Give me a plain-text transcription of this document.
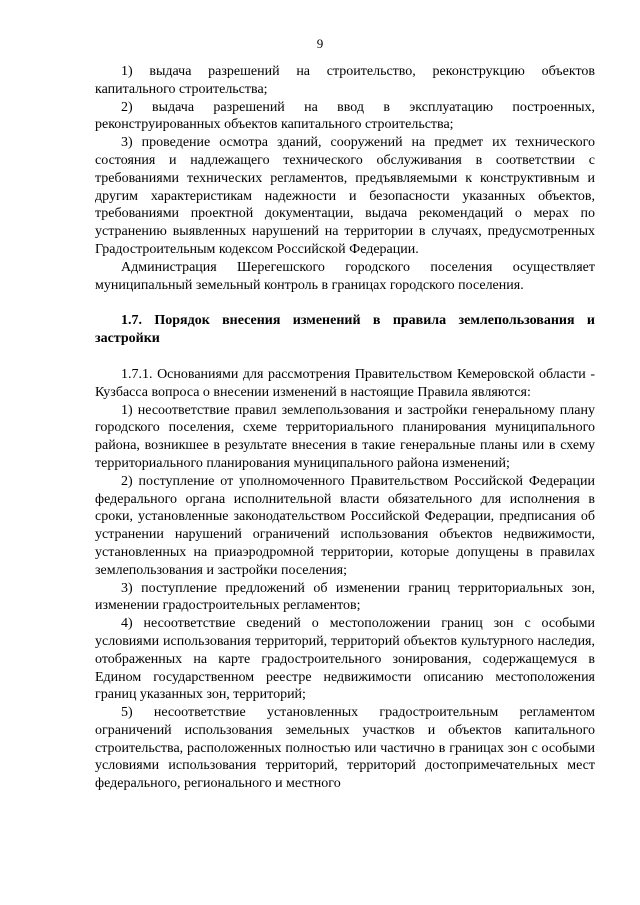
9

1) выдача разрешений на строительство, реконструкцию объектов капитального строительства;

2) выдача разрешений на ввод в эксплуатацию построенных, реконструированных объектов капитального строительства;

3) проведение осмотра зданий, сооружений на предмет их технического состояния и надлежащего технического обслуживания в соответствии с требованиями технических регламентов, предъявляемыми к конструктивным и другим характеристикам надежности и безопасности указанных объектов, требованиями проектной документации, выдача рекомендаций о мерах по устранению выявленных нарушений на территории в случаях, предусмотренных Градостроительным кодексом Российской Федерации.

Администрация Шерегешского городского поселения осуществляет муниципальный земельный контроль в границах городского поселения.

1.7. Порядок внесения изменений в правила землепользования и застройки

1.7.1. Основаниями для рассмотрения Правительством Кемеровской области - Кузбасса вопроса о внесении изменений в настоящие Правила являются:

1) несоответствие правил землепользования и застройки генеральному плану городского поселения, схеме территориального планирования муниципального района, возникшее в результате внесения в такие генеральные планы или в схему территориального планирования муниципального района изменений;

2) поступление от уполномоченного Правительством Российской Федерации федерального органа исполнительной власти обязательного для исполнения в сроки, установленные законодательством Российской Федерации, предписания об устранении нарушений ограничений использования объектов недвижимости, установленных на приаэродромной территории, которые допущены в правилах землепользования и застройки поселения;

3) поступление предложений об изменении границ территориальных зон, изменении градостроительных регламентов;

4) несоответствие сведений о местоположении границ зон с особыми условиями использования территорий, территорий объектов культурного наследия, отображенных на карте градостроительного зонирования, содержащемуся в Едином государственном реестре недвижимости описанию местоположения границ указанных зон, территорий;

5) несоответствие установленных градостроительным регламентом ограничений использования земельных участков и объектов капитального строительства, расположенных полностью или частично в границах зон с особыми условиями использования территорий, территорий достопримечательных мест федерального, регионального и местного
